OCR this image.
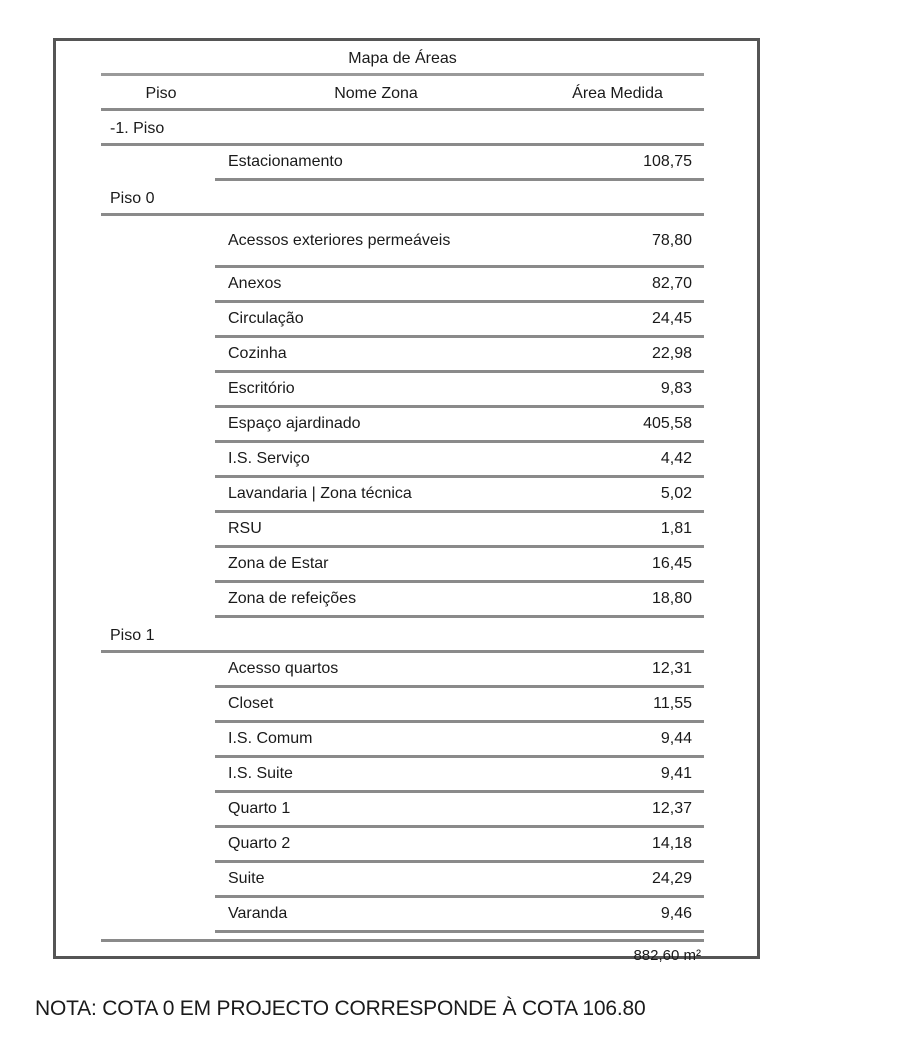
Mapa de Áreas
Piso	Nome Zona	Área Medida
-1. Piso
Estacionamento	108,75
Piso 0
Acessos exteriores permeáveis	78,80
Anexos	82,70
Circulação	24,45
Cozinha	22,98
Escritório	9,83
Espaço ajardinado	405,58
I.S. Serviço	4,42
Lavandaria | Zona técnica	5,02
RSU	1,81
Zona de Estar	16,45
Zona de refeições	18,80
Piso 1
Acesso quartos	12,31
Closet	11,55
I.S. Comum	9,44
I.S. Suite	9,41
Quarto 1	12,37
Quarto 2	14,18
Suite	24,29
Varanda	9,46
882,60 m²
NOTA: COTA 0 EM PROJECTO CORRESPONDE À COTA 106.80
